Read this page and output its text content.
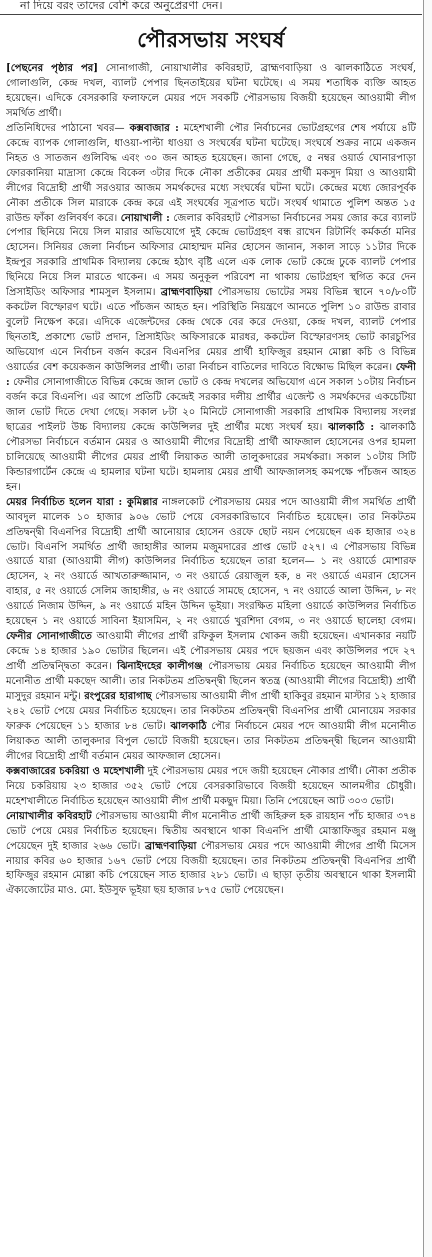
না দিয়ে বরং তাদের বেশি করে অনুপ্রেরণা দেন।
পৌরসভায় সংঘর্ষ

[পেছনের পৃষ্ঠার পর] সোনাগাজী, নোয়াখালীর কবিরহাট, ব্রাহ্মণবাড়িয়া ও ঝালকাঠিতে সংঘর্ষ, গোলাগুলি, কেন্দ্র দখল, ব্যালট পেপার ছিনতাইয়ের ঘটনা ঘটেছে। এ সময় শতাধিক ব্যক্তি আহত হয়েছেন। এদিকে বেসরকারি ফলাফলে মেয়র পদে সবকটি পৌরসভায় বিজয়ী হয়েছেন আওয়ামী লীগ সমর্থিত প্রার্থী।

প্রতিনিধিদের পাঠানো খবর— কক্সবাজার : মহেশখালী পৌর নির্বাচনের ভোটগ্রহণের শেষ পর্যায়ে ৪টি কেন্দ্রে ব্যাপক গোলাগুলি, ধাওয়া-পাল্টা ধাওয়া ও সংঘর্ষের ঘটনা ঘটেছে। সংঘর্ষে শুক্রর নামে একজন নিহত ও সাতজন গুলিবিদ্ধ এবং ৩০ জন আহত হয়েছেন। জানা গেছে, ৫ নম্বর ওয়ার্ড ঘোনারপাড়া ফোরকানিয়া মাদ্রাসা কেন্দ্রে বিকেল ৩টার দিকে নৌকা প্রতীকের মেয়র প্রার্থী মকসুদ মিয়া ও আওয়ামী লীগের বিদ্রোহী প্রার্থী সরওয়ার আজম সমর্থকদের মধ্যে সংঘর্ষের ঘটনা ঘটে। কেন্দ্রের মধ্যে জোরপূর্বক নৌকা প্রতীকে সিল মারাকে কেন্দ্র করে এই সংঘর্ষের সূত্রপাত ঘটে। সংঘর্ষ থামাতে পুলিশ অন্তত ১৫ রাউন্ড ফাঁকা গুলিবর্ষণ করে। নোয়াখালী : জেলার কবিরহাট পৌরসভা নির্বাচনের সময় জোর করে ব্যালট পেপার ছিনিয়ে নিয়ে সিল মারার অভিযোগে দুই কেন্দ্রে ভোটগ্রহণ বন্ধ রাখেন রিটার্নিং কর্মকর্তা মনির হোসেন। সিনিয়র জেলা নির্বাচন অফিসার মোহাম্মদ মনির হোসেন জানান, সকাল সাড়ে ১১টার দিকে ইন্দ্রপুর সরকারি প্রাথমিক বিদ্যালয় কেন্দ্রে হঠাৎ বৃষ্টি এলে এক লোক ভোট কেন্দ্রে ঢুকে ব্যালট পেপার ছিনিয়ে নিয়ে সিল মারতে থাকেন। এ সময় অনুকূল পরিবেশ না থাকায় ভোটগ্রহণ স্থগিত করে দেন প্রিসাইডিং অফিসার শামসুল ইসলাম। ব্রাহ্মণবাড়িয়া পৌরসভায় ভোটের সময় বিভিন্ন স্থানে ৭০/৮০টি ককটেল বিস্ফোরণ ঘটে। এতে পাঁচজন আহত হন। পরিস্থিতি নিয়ন্ত্রণে আনতে পুলিশ ১০ রাউন্ড রাবার বুলেট নিক্ষেপ করে। এদিকে এজেন্টদের কেন্দ্র থেকে বের করে দেওয়া, কেন্দ্র দখল, ব্যালট পেপার ছিনতাই, প্রকাশ্যে ভোট প্রদান, প্রিসাইডিং অফিসারকে মারধর, ককটেল বিস্ফোরণসহ ভোট কারচুপির অভিযোগ এনে নির্বাচন বর্জন করেন বিএনপির মেয়র প্রার্থী হাফিজুর রহমান মোল্লা কচি ও বিভিন্ন ওয়ার্ডের বেশ কয়েকজন কাউন্সিলর প্রার্থী। তারা নির্বাচন বাতিলের দাবিতে বিক্ষোভ মিছিল করেন। ফেনী : ফেনীর সোনাগাজীতে বিভিন্ন কেন্দ্রে জাল ভোট ও কেন্দ্র দখলের অভিযোগ এনে সকাল ১০টায় নির্বাচন বর্জন করে বিএনপি। এর আগে প্রতিটি কেন্দ্রেই সরকার দলীয় প্রার্থীর এজেন্ট ও সমর্থকদের একচেটিয়া জাল ভোট দিতে দেখা গেছে। সকাল ৮টা ২০ মিনিটে সোনাগাজী সরকারি প্রাথমিক বিদ্যালয় সংলগ্ন ছাত্রের পাইলট উচ্চ বিদ্যালয় কেন্দ্রে কাউন্সিলর দুই প্রার্থীর মধ্যে সংঘর্ষ হয়। ঝালকাঠি : ঝালকাঠি পৌরসভা নির্বাচনে বর্তমান মেয়র ও আওয়ামী লীগের বিদ্রোহী প্রার্থী আফজাল হোসেনের ওপর হামলা চালিয়েছে আওয়ামী লীগের মেয়র প্রার্থী লিয়াকত আলী তালুকদারের সমর্থকরা। সকাল ১০টায় সিটি কিন্ডারগার্টেন কেন্দ্রে এ হামলার ঘটনা ঘটে। হামলায় মেয়র প্রার্থী আফজালসহ কমপক্ষে পাঁচজন আহত হন।

মেয়র নির্বাচিত হলেন যারা : কুমিল্লার নাঙ্গলকোট পৌরসভায় মেয়র পদে আওয়ামী লীগ সমর্থিত প্রার্থী আবদুল মালেক ১০ হাজার ৯০৬ ভোট পেয়ে বেসরকারিভাবে নির্বাচিত হয়েছেন। তার নিকটতম প্রতিদ্বন্দ্বী বিএনপির বিদ্রোহী প্রার্থী আনোয়ার হোসেন ওরফে ছোট নয়ন পেয়েছেন এক হাজার ৩২৪ ভোট। বিএনপি সমর্থিত প্রার্থী জাহাঙ্গীর আলম মজুমদারের প্রাপ্ত ভোট ৫২৭। এ পৌরসভায় বিভিন্ন ওয়ার্ডে যারা (আওয়ামী লীগ) কাউন্সিলর নির্বাচিত হয়েছেন তারা হলেন— ১ নং ওয়ার্ডে মোশারফ হোসেন, ২ নং ওয়ার্ডে আখতারুজ্জামান, ৩ নং ওয়ার্ডে রেয়াজুল হক, ৪ নং ওয়ার্ডে এমরান হোসেন বাহার, ৫ নং ওয়ার্ডে সেলিম জাহাঙ্গীর, ৬ নং ওয়ার্ডে সামছে হোসেন, ৭ নং ওয়ার্ডে আলা উদ্দিন, ৮ নং ওয়ার্ডে নিজাম উদ্দিন, ৯ নং ওয়ার্ডে মহিন উদ্দিন ভূইয়া। সংরক্ষিত মহিলা ওয়ার্ডে কাউন্সিলর নির্বাচিত হয়েছেন ১ নং ওয়ার্ডে সাবিনা ইয়াসমিন, ২ নং ওয়ার্ডে খুরশিদা বেগম, ৩ নং ওয়ার্ডে ছালেহা বেগম। ফেনীর সোনাগাজীতে আওয়ামী লীগের প্রার্থী রফিকুল ইসলাম খোকন জয়ী হয়েছেন। এখানকার নয়টি কেন্দ্রে ১৪ হাজার ১৯০ ভোটার ছিলেন। এই পৌরসভায় মেয়র পদে ছয়জন এবং কাউন্সিলর পদে ২৭ প্রার্থী প্রতিদ্বন্দ্বিতা করেন। ঝিনাইদহের কালীগঞ্জ পৌরসভায় মেয়র নির্বাচিত হয়েছেন আওয়ামী লীগ মনোনীত প্রার্থী মকছেদ আলী। তার নিকটতম প্রতিদ্বন্দ্বী ছিলেন স্বতন্ত্র (আওয়ামী লীগের বিদ্রোহী) প্রার্থী মাসুদুর রহমান মন্টু। রংপুরের হারাগাছ পৌরসভায় আওয়ামী লীগ প্রার্থী হাকিবুর রহমান মাস্টার ১২ হাজার ২৪২ ভোট পেয়ে মেয়র নির্বাচিত হয়েছেন। তার নিকটতম প্রতিদ্বন্দ্বী বিএনপির প্রার্থী মোনায়েম সরকার ফারুক পেয়েছেন ১১ হাজার ৮৪ ভোট। ঝালকাঠি পৌর নির্বাচনে মেয়র পদে আওয়ামী লীগ মনোনীত লিয়াকত আলী তালুকদার বিপুল ভোটে বিজয়ী হয়েছেন। তার নিকটতম প্রতিদ্বন্দ্বী ছিলেন আওয়ামী লীগের বিদ্রোহী প্রার্থী বর্তমান মেয়র আফজাল হোসেন।

কক্সবাজারের চকরিয়া ও মহেশখালী দুই পৌরসভায় মেয়র পদে জয়ী হয়েছেন নৌকার প্রার্থী। নৌকা প্রতীক নিয়ে চকরিয়ায় ২৩ হাজার ৩৫২ ভোট পেয়ে বেসরকারিভাবে বিজয়ী হয়েছেন আলমগীর চৌধুরী। মহেশখালীতে নির্বাচিত হয়েছেন আওয়ামী লীগ প্রার্থী মকছুদ মিয়া। তিনি পেয়েছেন আট ৩০৩ ভোট।

নোয়াখালীর কবিরহাট পৌরসভায় আওয়ামী লীগ মনোনীত প্রার্থী জহিরুল হক রায়হান পাঁচ হাজার ৩৭৪ ভোট পেয়ে মেয়র নির্বাচিত হয়েছেন। দ্বিতীয় অবস্থানে থাকা বিএনপি প্রার্থী মোস্তাফিজুর রহমান মঞ্জু পেয়েছেন দুই হাজার ২৬৬ ভোট। ব্রাহ্মণবাড়িয়া পৌরসভায় মেয়র পদে আওয়ামী লীগের প্রার্থী মিসেস নায়ার কবির ৬০ হাজার ১৬৭ ভোট পেয়ে বিজয়ী হয়েছেন। তার নিকটতম প্রতিদ্বন্দ্বী বিএনপির প্রার্থী হাফিজুর রহমান মোল্লা কচি পেয়েছেন সাত হাজার ২৮১ ভোট। এ ছাড়া তৃতীয় অবস্থানে থাকা ইসলামী ঐক্যজোটের মাও. মো. ইউসুফ ভূইয়া ছয় হাজার ৮৭৫ ভোট পেয়েছেন।
